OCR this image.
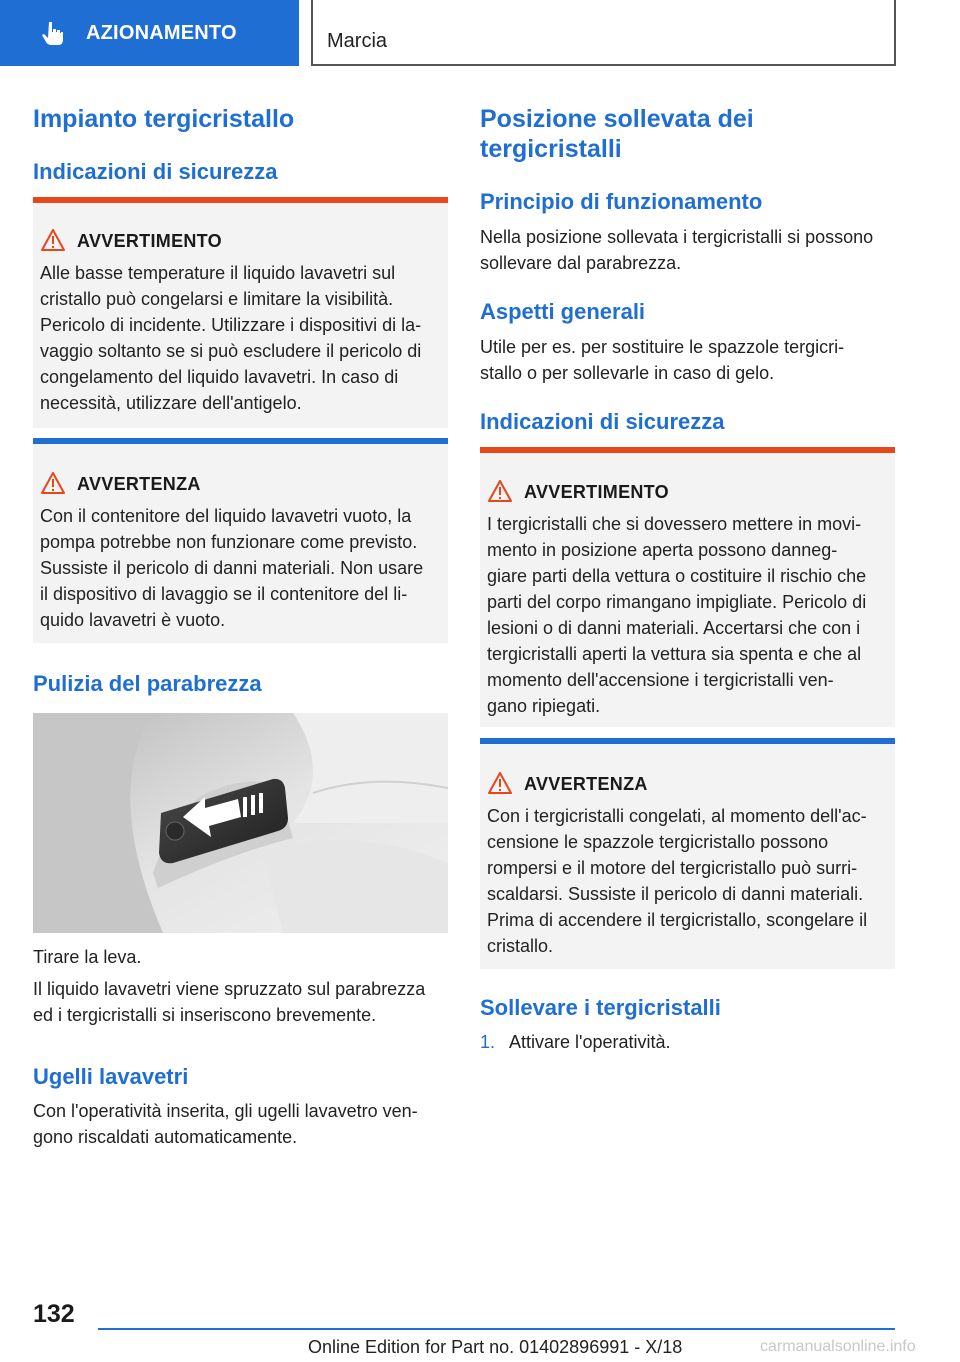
AZIONAMENTO	Marcia
Impianto tergicristallo
Indicazioni di sicurezza
AVVERTIMENTO
Alle basse temperature il liquido lavavetri sul
cristallo può congelarsi e limitare la visibilità.
Pericolo di incidente. Utilizzare i dispositivi di la‐
vaggio soltanto se si può escludere il pericolo di
congelamento del liquido lavavetri. In caso di
necessità, utilizzare dell'antigelo.
AVVERTENZA
Con il contenitore del liquido lavavetri vuoto, la
pompa potrebbe non funzionare come previsto.
Sussiste il pericolo di danni materiali. Non usare
il dispositivo di lavaggio se il contenitore del li‐
quido lavavetri è vuoto.
Pulizia del parabrezza
Tirare la leva.
Il liquido lavavetri viene spruzzato sul parabrezza
ed i tergicristalli si inseriscono brevemente.
Ugelli lavavetri
Con l'operatività inserita, gli ugelli lavavetro ven‐
gono riscaldati automaticamente.
Posizione sollevata dei
tergicristalli
Principio di funzionamento
Nella posizione sollevata i tergicristalli si possono
sollevare dal parabrezza.
Aspetti generali
Utile per es. per sostituire le spazzole tergicri‐
stallo o per sollevarle in caso di gelo.
Indicazioni di sicurezza
AVVERTIMENTO
I tergicristalli che si dovessero mettere in movi‐
mento in posizione aperta possono danneg‐
giare parti della vettura o costituire il rischio che
parti del corpo rimangano impigliate. Pericolo di
lesioni o di danni materiali. Accertarsi che con i
tergicristalli aperti la vettura sia spenta e che al
momento dell'accensione i tergicristalli ven‐
gano ripiegati.
AVVERTENZA
Con i tergicristalli congelati, al momento dell'ac‐
censione le spazzole tergicristallo possono
rompersi e il motore del tergicristallo può surri‐
scaldarsi. Sussiste il pericolo di danni materiali.
Prima di accendere il tergicristallo, scongelare il
cristallo.
Sollevare i tergicristalli
1. Attivare l'operatività.
132
Online Edition for Part no. 01402896991 - X/18	carmanualsonline.info
